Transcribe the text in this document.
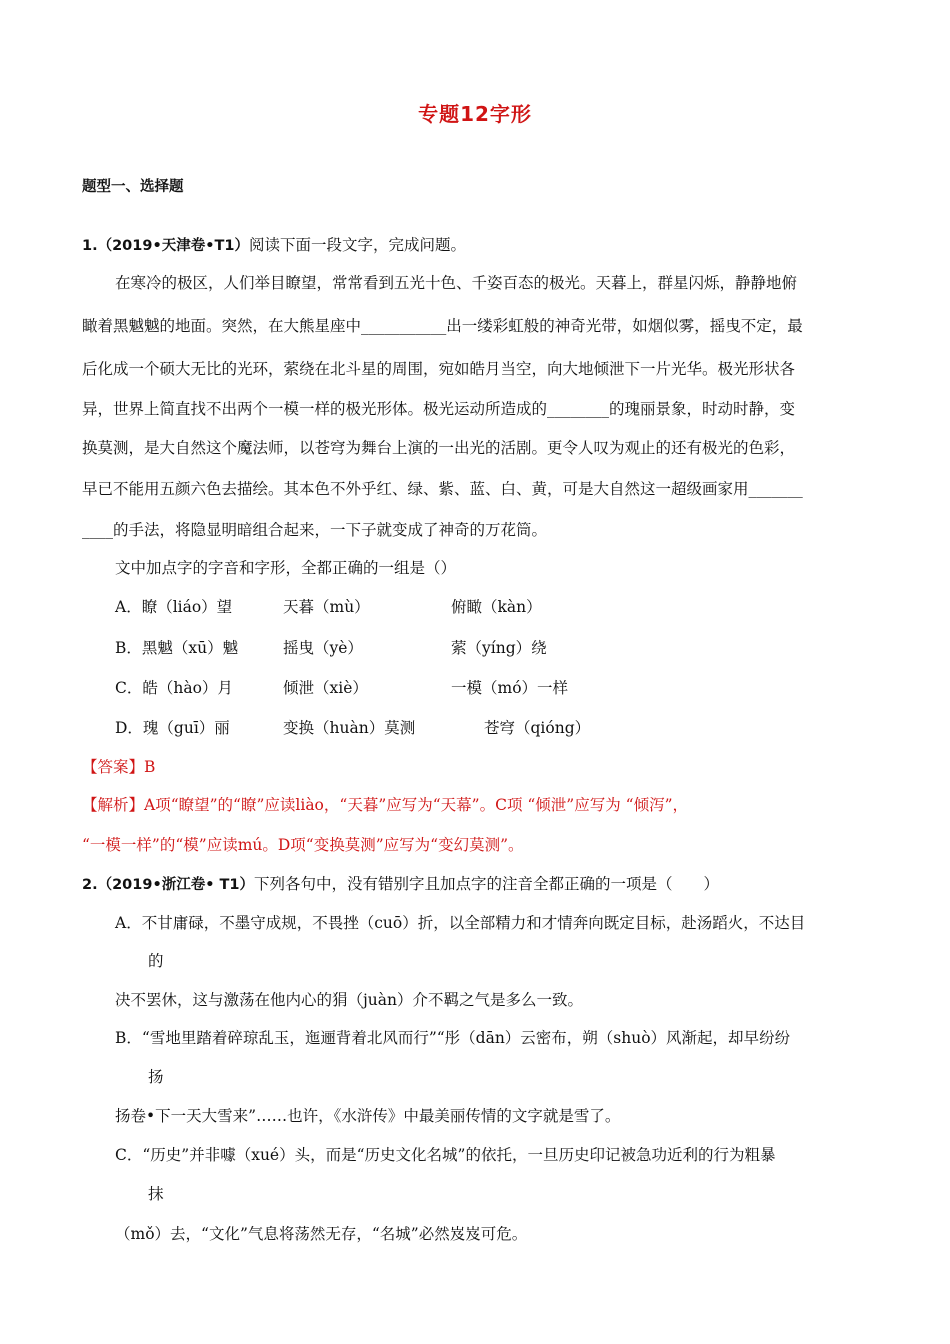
专题12字形
题型一、选择题
1.（2019•天津卷•T1）阅读下面一段文字，完成问题。
在寒冷的极区，人们举目瞭望，常常看到五光十色、千姿百态的极光。天暮上，群星闪烁，静静地俯
瞰着黑魆魆的地面。突然，在大熊星座中___________出一缕彩虹般的神奇光带，如烟似雾，摇曳不定，最
后化成一个硕大无比的光环，萦绕在北斗星的周围，宛如皓月当空，向大地倾泄下一片光华。极光形状各
异，世界上简直找不出两个一模一样的极光形体。极光运动所造成的________的瑰丽景象，时动时静，变
换莫测，是大自然这个魔法师，以苍穹为舞台上演的一出光的活剧。更令人叹为观止的还有极光的色彩，
早已不能用五颜六色去描绘。其本色不外乎红、绿、紫、蓝、白、黄，可是大自然这一超级画家用_______
____的手法，将隐显明暗组合起来，一下子就变成了神奇的万花筒。
文中加点字的字音和字形，全都正确的一组是（）
A．瞭（liáo）望	天暮（mù）	俯瞰（kàn）
B．黑魆（xū）魆	摇曳（yè）	萦（yíng）绕
C．皓（hào）月	倾泄（xiè）	一模（mó）一样
D．瑰（guī）丽	变换（huàn）莫测	苍穹（qióng）
【答案】B
【解析】A项“瞭望”的“瞭”应读liào，“天暮”应写为“天幕”。C项 “倾泄”应写为 “倾泻”，
“一模一样”的“模”应读mú。D项“变换莫测”应写为“变幻莫测”。
2.（2019•浙江卷• T1）下列各句中，没有错别字且加点字的注音全都正确的一项是（　　）
A．不甘庸碌，不墨守成规，不畏挫（cuō）折，以全部精力和才情奔向既定目标，赴汤蹈火，不达目
的
决不罢休，这与激荡在他内心的狷（juàn）介不羁之气是多么一致。
B．“雪地里踏着碎琼乱玉，迤逦背着北风而行”“彤（dān）云密布，朔（shuò）风渐起，却早纷纷
扬
扬卷•下一天大雪来”……也许，《水浒传》中最美丽传情的文字就是雪了。
C．“历史”并非噱（xué）头，而是“历史文化名城”的依托，一旦历史印记被急功近利的行为粗暴
抹
（mǒ）去，“文化”气息将荡然无存，“名城”必然岌岌可危。
